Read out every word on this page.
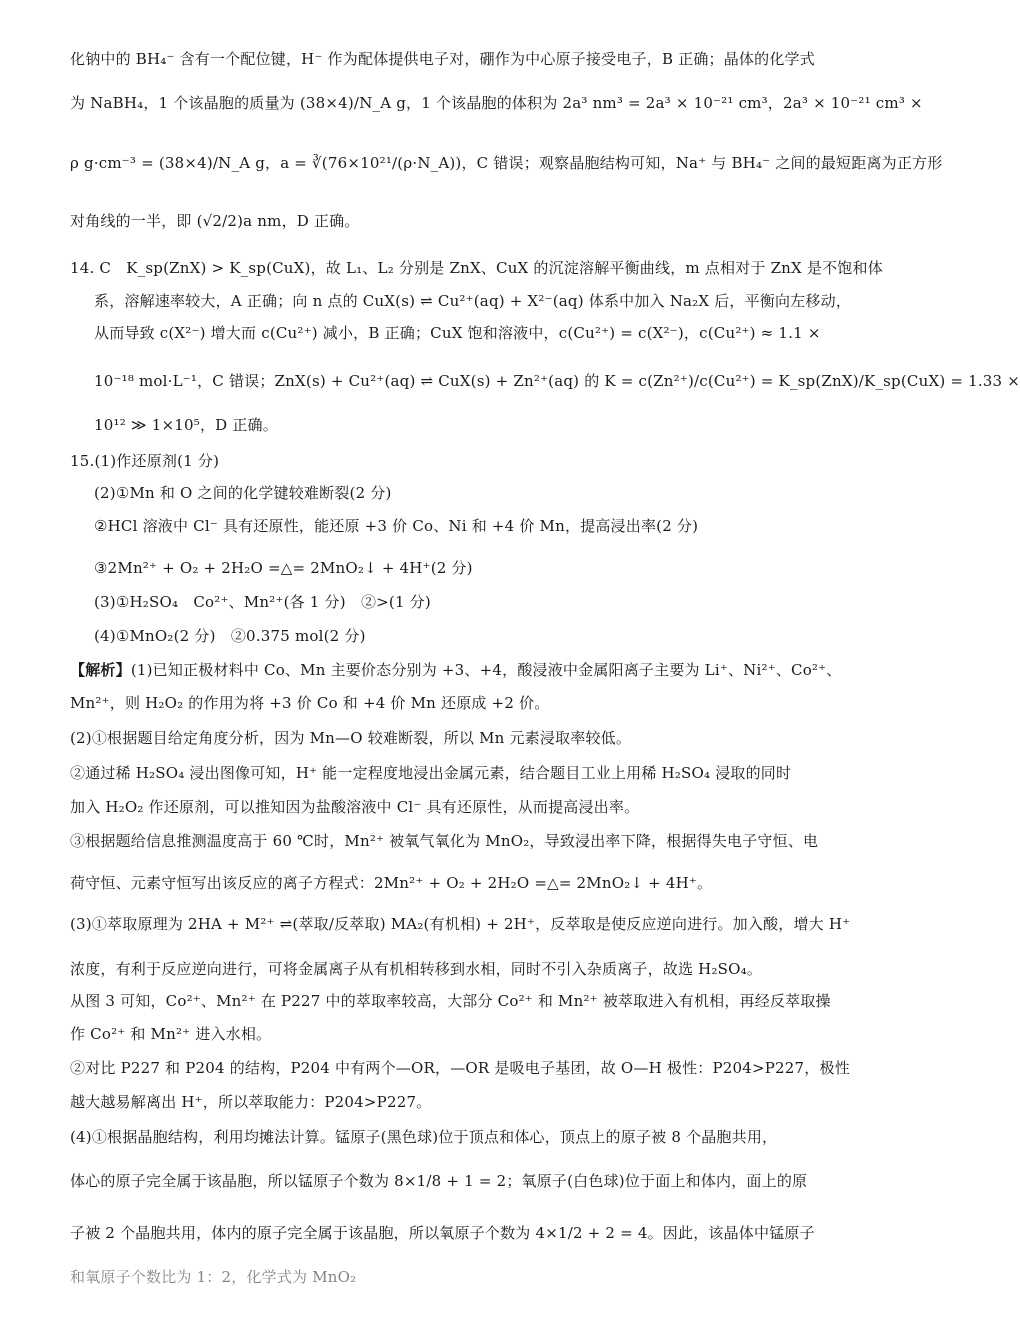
化钠中的 BH₄⁻ 含有一个配位键，H⁻ 作为配体提供电子对，硼作为中心原子接受电子，B 正确；晶体的化学式
为 NaBH₄，1 个该晶胞的质量为 (38×4)/N_A g，1 个该晶胞的体积为 2a³ nm³ = 2a³ × 10⁻²¹ cm³，2a³ × 10⁻²¹ cm³ ×
ρ g·cm⁻³ = (38×4)/N_A g，a = ∛(76×10²¹/(ρ·N_A))，C 错误；观察晶胞结构可知，Na⁺ 与 BH₄⁻ 之间的最短距离为正方形
对角线的一半，即 (√2/2)a nm，D 正确。
14. C　K_sp(ZnX) > K_sp(CuX)，故 L₁、L₂ 分别是 ZnX、CuX 的沉淀溶解平衡曲线，m 点相对于 ZnX 是不饱和体
系，溶解速率较大，A 正确；向 n 点的 CuX(s) ⇌ Cu²⁺(aq) + X²⁻(aq) 体系中加入 Na₂X 后，平衡向左移动，
从而导致 c(X²⁻) 增大而 c(Cu²⁺) 减小，B 正确；CuX 饱和溶液中，c(Cu²⁺) = c(X²⁻)，c(Cu²⁺) ≈ 1.1 ×
10⁻¹⁸ mol·L⁻¹，C 错误；ZnX(s) + Cu²⁺(aq) ⇌ CuX(s) + Zn²⁺(aq) 的 K = c(Zn²⁺)/c(Cu²⁺) = K_sp(ZnX)/K_sp(CuX) = 1.33 ×
10¹² ≫ 1×10⁵，D 正确。
15.(1)作还原剂(1 分)
(2)①Mn 和 O 之间的化学键较难断裂(2 分)
②HCl 溶液中 Cl⁻ 具有还原性，能还原 +3 价 Co、Ni 和 +4 价 Mn，提高浸出率(2 分)
③2Mn²⁺ + O₂ + 2H₂O =△= 2MnO₂↓ + 4H⁺(2 分)
(3)①H₂SO₄　Co²⁺、Mn²⁺(各 1 分)　②>(1 分)
(4)①MnO₂(2 分)　②0.375 mol(2 分)
【解析】(1)已知正极材料中 Co、Mn 主要价态分别为 +3、+4，酸浸液中金属阳离子主要为 Li⁺、Ni²⁺、Co²⁺、
Mn²⁺，则 H₂O₂ 的作用为将 +3 价 Co 和 +4 价 Mn 还原成 +2 价。
(2)①根据题目给定角度分析，因为 Mn—O 较难断裂，所以 Mn 元素浸取率较低。
②通过稀 H₂SO₄ 浸出图像可知，H⁺ 能一定程度地浸出金属元素，结合题目工业上用稀 H₂SO₄ 浸取的同时
加入 H₂O₂ 作还原剂，可以推知因为盐酸溶液中 Cl⁻ 具有还原性，从而提高浸出率。
③根据题给信息推测温度高于 60 ℃时，Mn²⁺ 被氧气氧化为 MnO₂，导致浸出率下降，根据得失电子守恒、电
荷守恒、元素守恒写出该反应的离子方程式：2Mn²⁺ + O₂ + 2H₂O =△= 2MnO₂↓ + 4H⁺。
(3)①萃取原理为 2HA + M²⁺ ⇌(萃取/反萃取) MA₂(有机相) + 2H⁺，反萃取是使反应逆向进行。加入酸，增大 H⁺
浓度，有利于反应逆向进行，可将金属离子从有机相转移到水相，同时不引入杂质离子，故选 H₂SO₄。
从图 3 可知，Co²⁺、Mn²⁺ 在 P227 中的萃取率较高，大部分 Co²⁺ 和 Mn²⁺ 被萃取进入有机相，再经反萃取操
作 Co²⁺ 和 Mn²⁺ 进入水相。
②对比 P227 和 P204 的结构，P204 中有两个—OR，—OR 是吸电子基团，故 O—H 极性：P204>P227，极性
越大越易解离出 H⁺，所以萃取能力：P204>P227。
(4)①根据晶胞结构，利用均摊法计算。锰原子(黑色球)位于顶点和体心，顶点上的原子被 8 个晶胞共用，
体心的原子完全属于该晶胞，所以锰原子个数为 8×1/8 + 1 = 2；氧原子(白色球)位于面上和体内，面上的原
子被 2 个晶胞共用，体内的原子完全属于该晶胞，所以氧原子个数为 4×1/2 + 2 = 4。因此，该晶体中锰原子
和氧原子个数比为 1：2，化学式为 MnO₂
